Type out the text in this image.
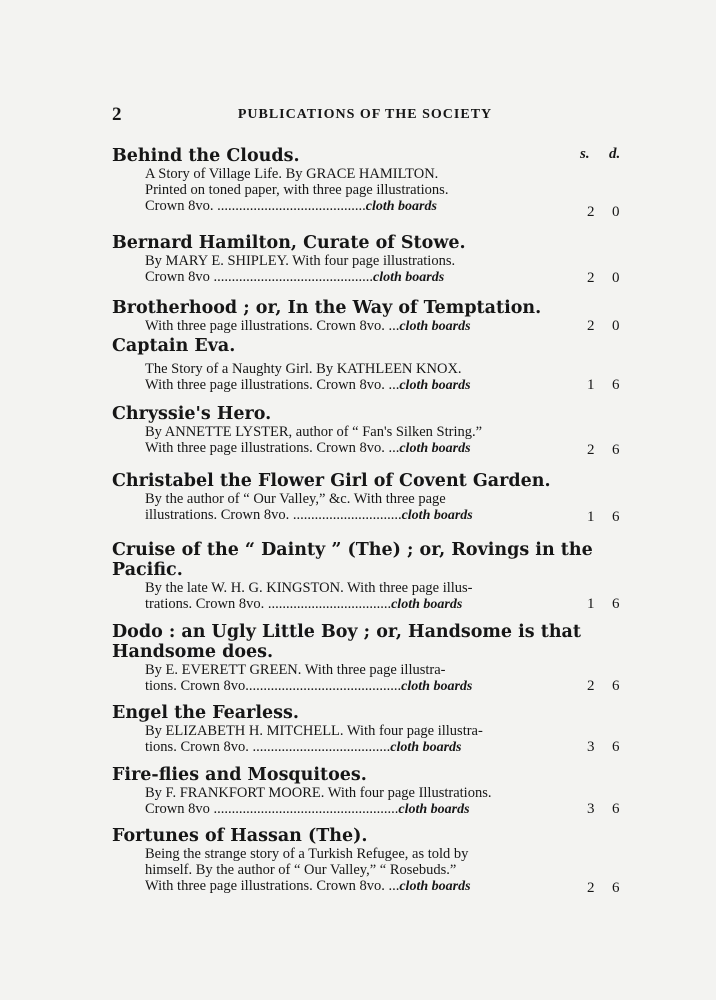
2	PUBLICATIONS OF THE SOCIETY
s. d.
Behind the Clouds.
A Story of Village Life. By GRACE HAMILTON.
Printed on toned paper, with three page illustrations.
Crown 8vo. .........................................cloth boards	2 0
Bernard Hamilton, Curate of Stowe.
By MARY E. SHIPLEY. With four page illustrations.
Crown 8vo ............................................cloth boards	2 0
Brotherhood ; or, In the Way of Temptation.
With three page illustrations. Crown 8vo. ...cloth boards	2 0
Captain Eva.
The Story of a Naughty Girl. By KATHLEEN KNOX.
With three page illustrations. Crown 8vo. ...cloth boards	1 6
Chryssie's Hero.
By ANNETTE LYSTER, author of “ Fan's Silken String.”
With three page illustrations. Crown 8vo. ...cloth boards	2 6
Christabel the Flower Girl of Covent Garden.
By the author of “ Our Valley,” &c. With three page
illustrations. Crown 8vo. ..............................cloth boards	1 6
Cruise of the “ Dainty ” (The) ; or, Rovings in the
Pacific.
By the late W. H. G. KINGSTON. With three page illus-
trations. Crown 8vo. ..................................cloth boards	1 6
Dodo : an Ugly Little Boy ; or, Handsome is that
Handsome does.
By E. EVERETT GREEN. With three page illustra-
tions. Crown 8vo...........................................cloth boards	2 6
Engel the Fearless.
By ELIZABETH H. MITCHELL. With four page illustra-
tions. Crown 8vo. ......................................cloth boards	3 6
Fire-flies and Mosquitoes.
By F. FRANKFORT MOORE. With four page Illustrations.
Crown 8vo ...................................................cloth boards	3 6
Fortunes of Hassan (The).
Being the strange story of a Turkish Refugee, as told by
himself. By the author of “ Our Valley,” “ Rosebuds.”
With three page illustrations. Crown 8vo. ...cloth boards	2 6
